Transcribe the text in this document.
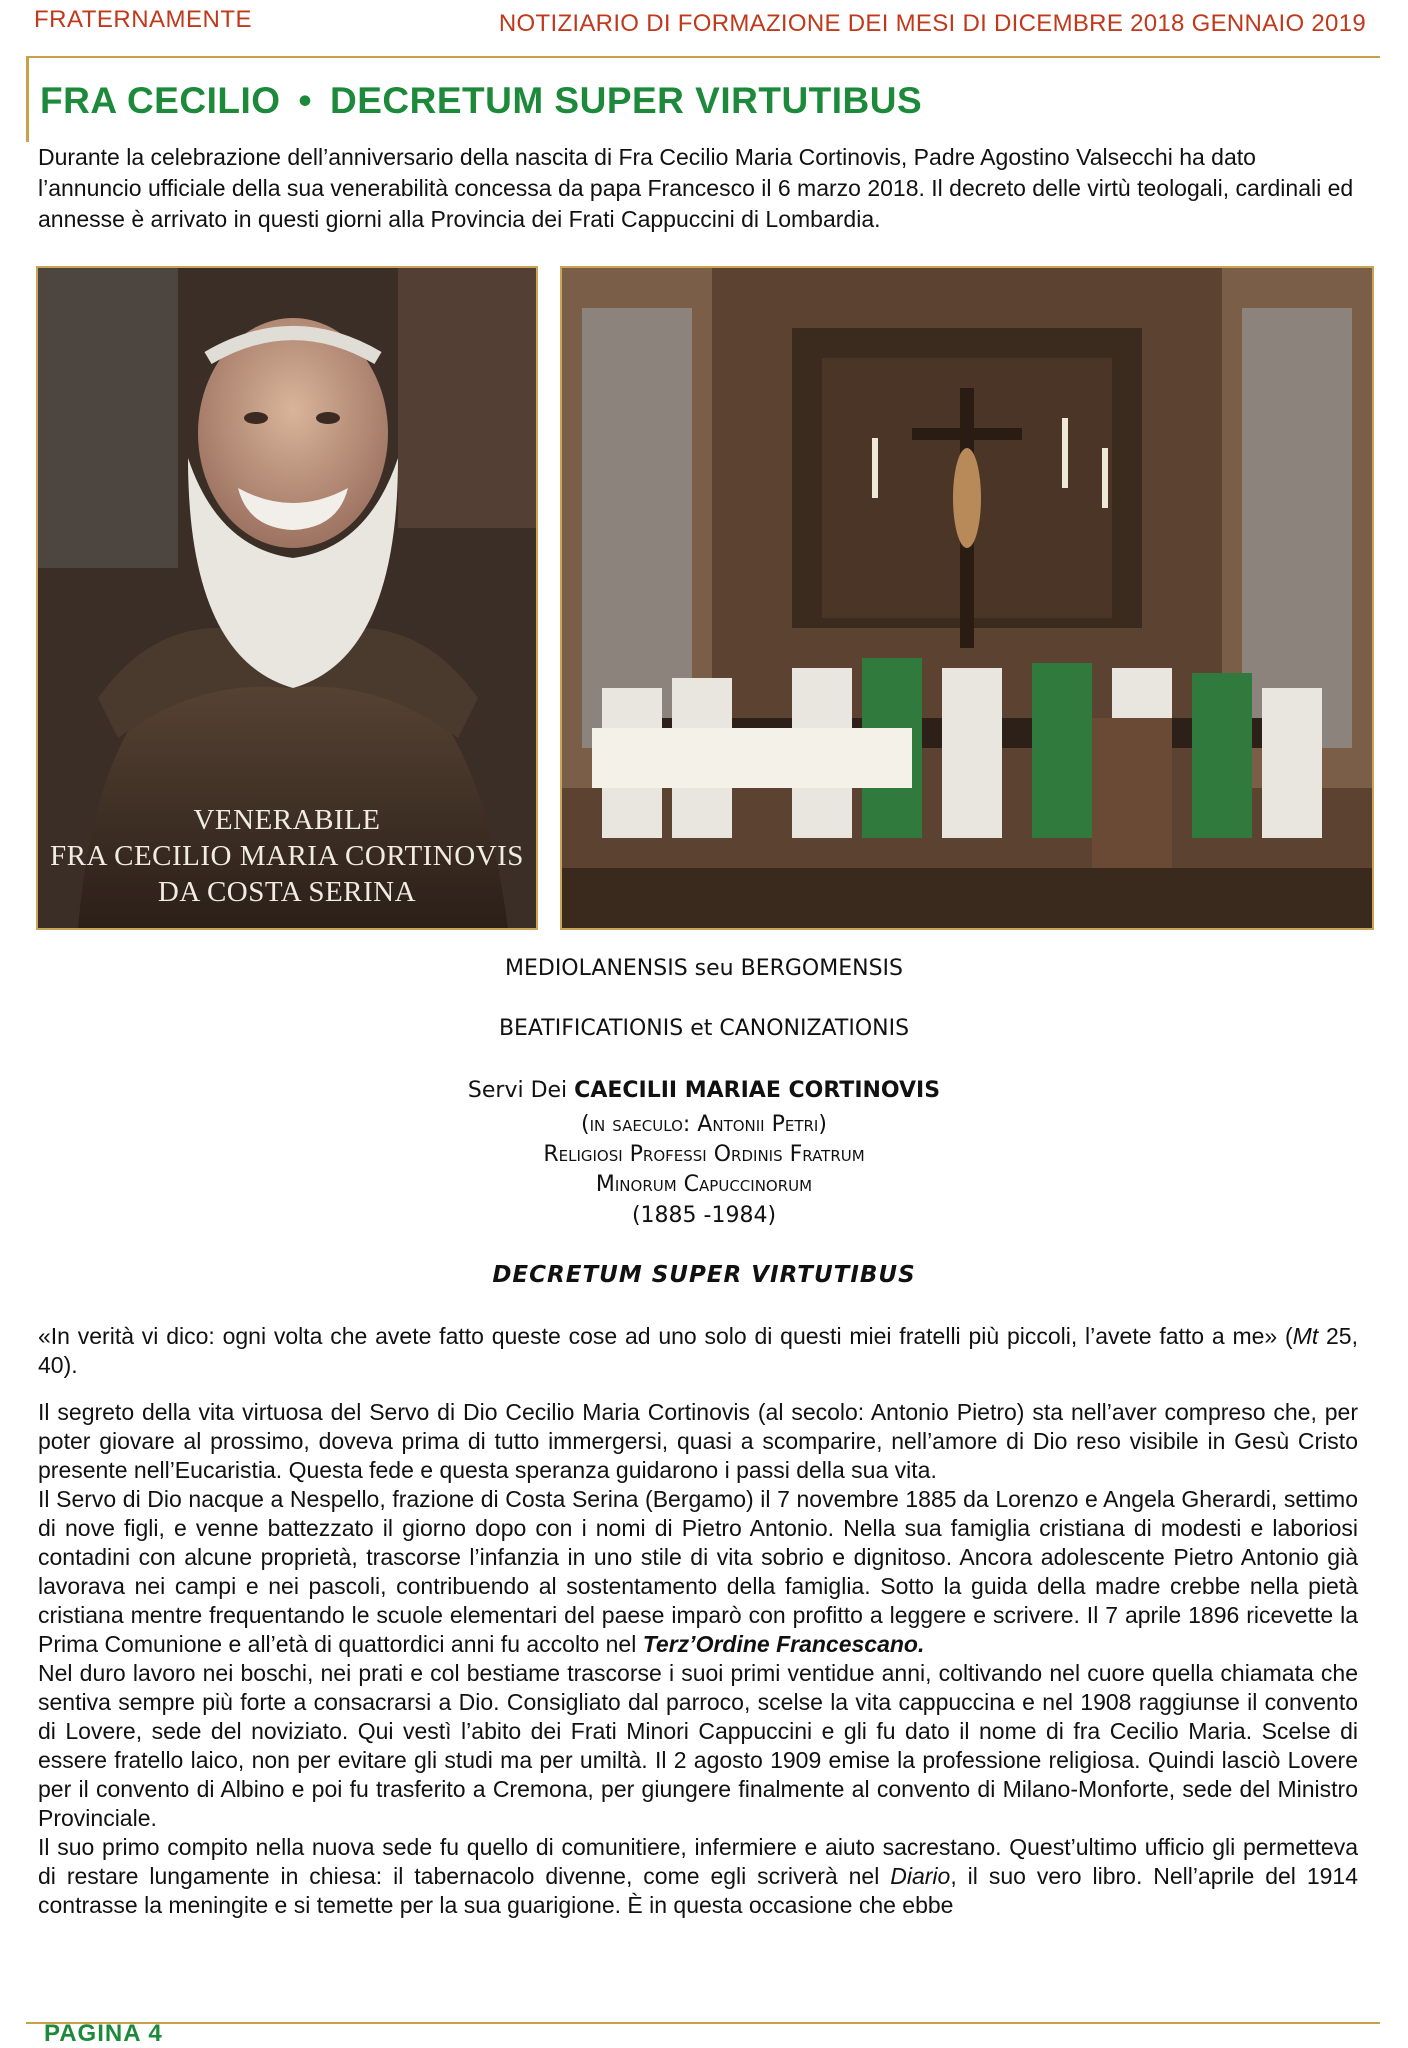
FRATERNAMENTE	NOTIZIARIO DI FORMAZIONE DEI MESI DI DICEMBRE 2018 GENNAIO 2019
FRA CECILIO • DECRETUM SUPER VIRTUTIBUS
Durante la celebrazione dell’anniversario della nascita di Fra Cecilio Maria Cortinovis, Padre Agostino Valsecchi ha dato l’annuncio ufficiale della sua venerabilità concessa da papa Francesco il 6 marzo 2018. Il decreto delle virtù teologali, cardinali ed annesse è arrivato in questi giorni alla Provincia dei Frati Cappuccini di Lombardia.
VENERABILE
FRA CECILIO MARIA CORTINOVIS
DA COSTA SERINA
MEDIOLANENSIS seu BERGOMENSIS
BEATIFICATIONIS et CANONIZATIONIS
Servi Dei CAECILII MARIAE CORTINOVIS
(in saeculo: Antonii Petri)
Religiosi Professi Ordinis Fratrum
Minorum Capuccinorum
(1885 -1984)
DECRETUM SUPER VIRTUTIBUS

«In verità vi dico: ogni volta che avete fatto queste cose ad uno solo di questi miei fratelli più piccoli, l’avete fatto a me» (Mt 25, 40).

Il segreto della vita virtuosa del Servo di Dio Cecilio Maria Cortinovis (al secolo: Antonio Pietro) sta nell’aver compreso che, per poter giovare al prossimo, doveva prima di tutto immergersi, quasi a scomparire, nell’amore di Dio reso visibile in Gesù Cristo presente nell’Eucaristia. Questa fede e questa speranza guidarono i passi della sua vita.

Il Servo di Dio nacque a Nespello, frazione di Costa Serina (Bergamo) il 7 novembre 1885 da Lorenzo e Angela Gherardi, settimo di nove figli, e venne battezzato il giorno dopo con i nomi di Pietro Antonio. Nella sua famiglia cristiana di modesti e laboriosi contadini con alcune proprietà, trascorse l’infanzia in uno stile di vita sobrio e dignitoso. Ancora adolescente Pietro Antonio già lavorava nei campi e nei pascoli, contribuendo al sostentamento della famiglia. Sotto la guida della madre crebbe nella pietà cristiana mentre frequentando le scuole elementari del paese imparò con profitto a leggere e scrivere. Il 7 aprile 1896 ricevette la Prima Comunione e all’età di quattordici anni fu accolto nel Terz’Ordine Francescano.

Nel duro lavoro nei boschi, nei prati e col bestiame trascorse i suoi primi ventidue anni, coltivando nel cuore quella chiamata che sentiva sempre più forte a consacrarsi a Dio. Consigliato dal parroco, scelse la vita cappuccina e nel 1908 raggiunse il convento di Lovere, sede del noviziato. Qui vestì l’abito dei Frati Minori Cappuccini e gli fu dato il nome di fra Cecilio Maria. Scelse di essere fratello laico, non per evitare gli studi ma per umiltà. Il 2 agosto 1909 emise la professione religiosa. Quindi lasciò Lovere per il convento di Albino e poi fu trasferito a Cremona, per giungere finalmente al convento di Milano-Monforte, sede del Ministro Provinciale.

Il suo primo compito nella nuova sede fu quello di comunitiere, infermiere e aiuto sacrestano. Quest’ultimo ufficio gli permetteva di restare lungamente in chiesa: il tabernacolo divenne, come egli scriverà nel Diario, il suo vero libro. Nell’aprile del 1914 contrasse la meningite e si temette per la sua guarigione. È in questa occasione che ebbe

PAGINA 4
